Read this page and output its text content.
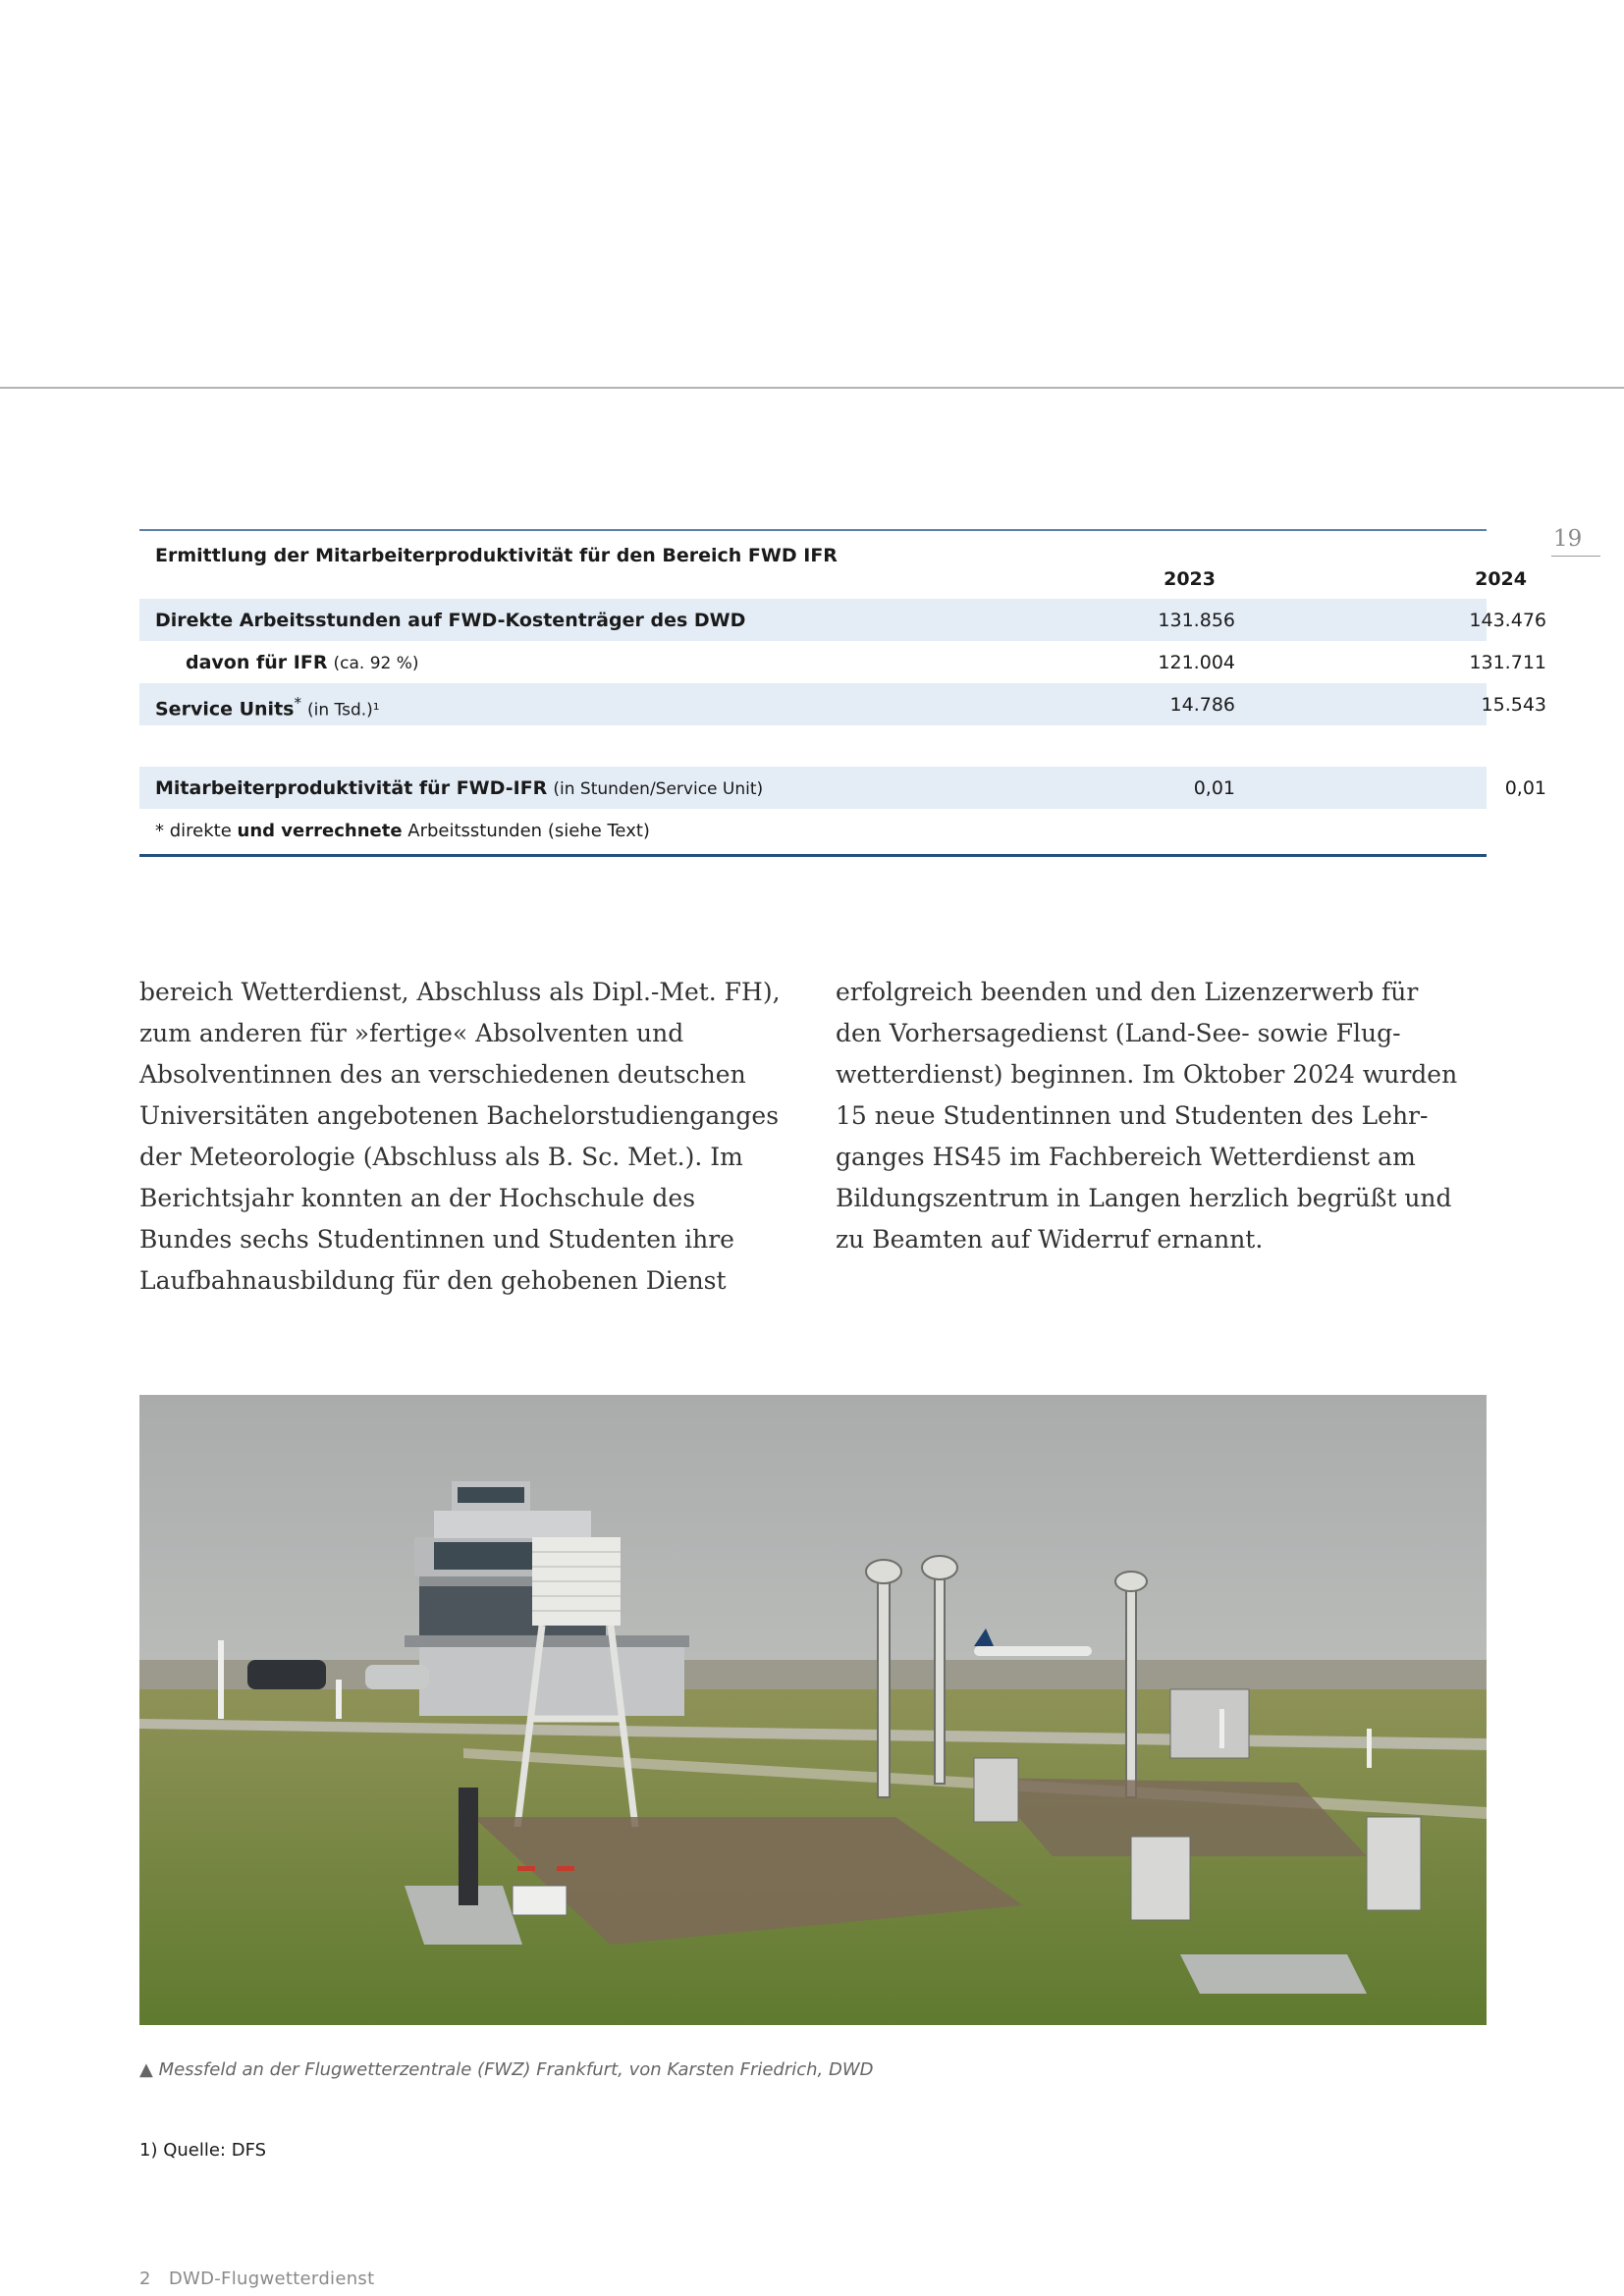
19
Ermittlung der Mitarbeiterproduktivität für den Bereich FWD IFR
2023	2024
Direkte Arbeitsstunden auf FWD-Kostenträger des DWD	131.856	143.476
davon für IFR (ca. 92 %)	121.004	131.711
Service Units* (in Tsd.)¹	14.786	15.543
Mitarbeiterproduktivität für FWD-IFR (in Stunden/Service Unit)	0,01	0,01
* direkte und verrechnete Arbeitsstunden (siehe Text)

bereich Wetterdienst, Abschluss als Dipl.-Met. FH),

zum anderen für »fertige« Absolventen und

Absolventinnen des an verschiedenen deutschen

Universitäten angebotenen Bachelorstudienganges

der Meteorologie (Abschluss als B. Sc. Met.). Im

Berichtsjahr konnten an der Hochschule des

Bundes sechs Studentinnen und Studenten ihre

Laufbahnausbildung für den gehobenen Dienst

erfolgreich beenden und den Lizenzerwerb für

den Vorhersagedienst (Land-See- sowie Flug-

wetterdienst) beginnen. Im Oktober 2024 wurden

15 neue Studentinnen und Studenten des Lehr-

ganges HS45 im Fachbereich Wetterdienst am

Bildungszentrum in Langen herzlich begrüßt und

zu Beamten auf Widerruf ernannt.

▲ Messfeld an der Flugwetterzentrale (FWZ) Frankfurt, von Karsten Friedrich, DWD
1) Quelle: DFS
2 DWD-Flugwetterdienst
